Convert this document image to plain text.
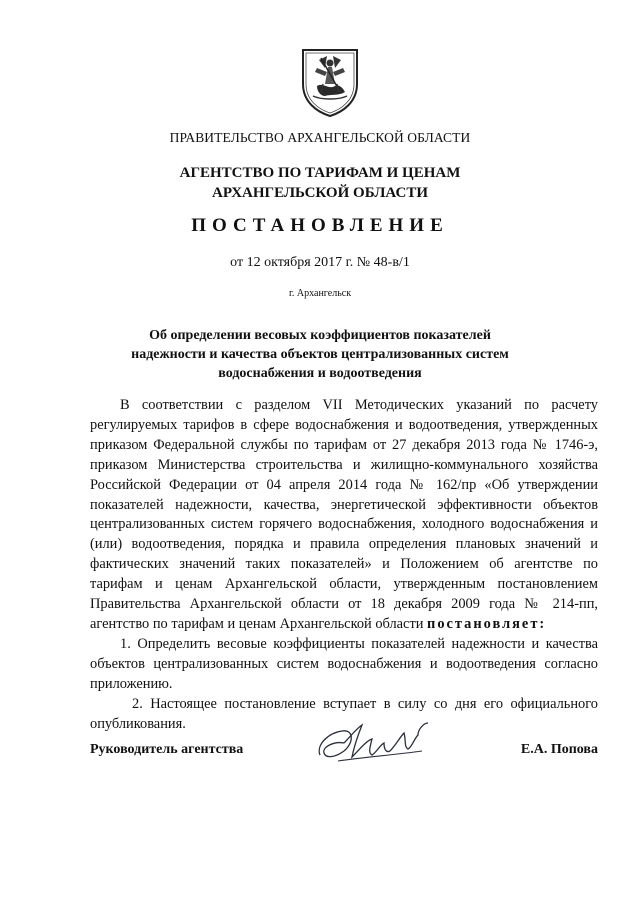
ПРАВИТЕЛЬСТВО АРХАНГЕЛЬСКОЙ ОБЛАСТИ
АГЕНТСТВО ПО ТАРИФАМ И ЦЕНАМ
АРХАНГЕЛЬСКОЙ ОБЛАСТИ
ПОСТАНОВЛЕНИЕ
от 12 октября 2017 г. № 48-в/1
г. Архангельск
Об определении весовых коэффициентов показателей
надежности и качества объектов централизованных систем
водоснабжения и водоотведения

В соответствии с разделом VII Методических указаний по расчету регулируемых тарифов в сфере водоснабжения и водоотведения, утвержденных приказом Федеральной службы по тарифам от 27 декабря 2013 года № 1746-э, приказом Министерства строительства и жилищно-коммунального хозяйства Российской Федерации от 04 апреля 2014 года № 162/пр «Об утверждении показателей надежности, качества, энергетической эффективности объектов централизованных систем горячего водоснабжения, холодного водоснабжения и (или) водоотведения, порядка и правила определения плановых значений и фактических значений таких показателей» и Положением об агентстве по тарифам и ценам Архангельской области, утвержденным постановлением Правительства Архангельской области от 18 декабря 2009 года № 214-пп, агентство по тарифам и ценам Архангельской области постановляет:

1. Определить весовые коэффициенты показателей надежности и качества объектов централизованных систем водоснабжения и водоотведения согласно приложению.

2. Настоящее постановление вступает в силу со дня его официального опубликования.

Руководитель агентства	Е.А. Попова
